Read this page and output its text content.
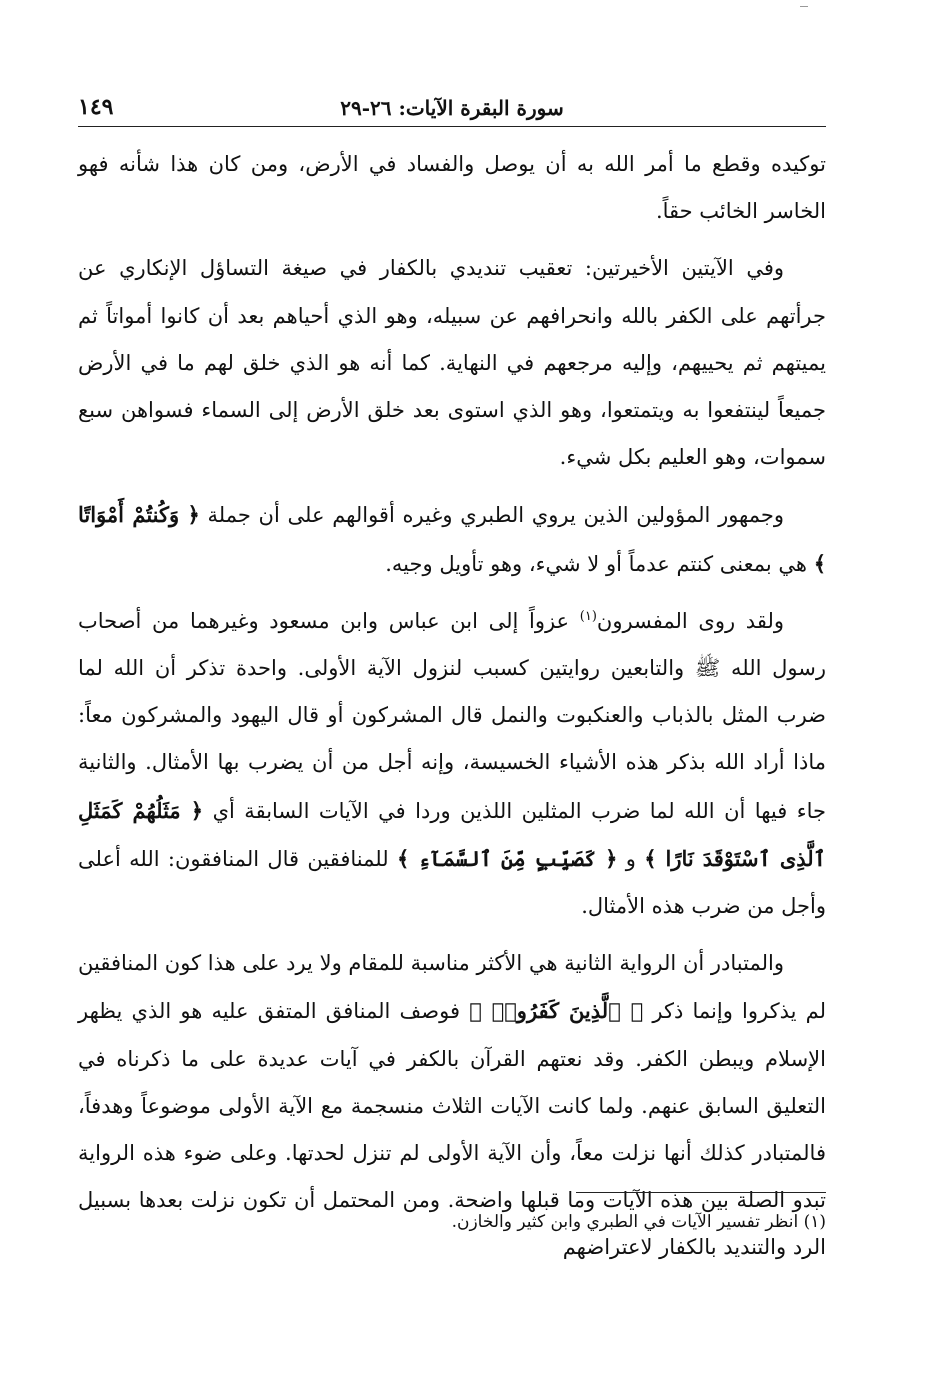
سورة البقرة الآيات: ٢٦-٢٩
١٤٩

توكيده وقطع ما أمر الله به أن يوصل والفساد في الأرض، ومن كان هذا شأنه فهو الخاسر الخائب حقاً.

وفي الآيتين الأخيرتين: تعقيب تنديدي بالكفار في صيغة التساؤل الإنكاري عن جرأتهم على الكفر بالله وانحرافهم عن سبيله، وهو الذي أحياهم بعد أن كانوا أمواتاً ثم يميتهم ثم يحييهم، وإليه مرجعهم في النهاية. كما أنه هو الذي خلق لهم ما في الأرض جميعاً لينتفعوا به ويتمتعوا، وهو الذي استوى بعد خلق الأرض إلى السماء فسواهن سبع سموات، وهو العليم بكل شيء.

وجمهور المؤولين الذين يروي الطبري وغيره أقوالهم على أن جملة ﴿ وَكُنتُمْ أَمْوَاتًا ﴾ هي بمعنى كنتم عدماً أو لا شيء، وهو تأويل وجيه.

ولقد روى المفسرون$^{(١)}$ عزواً إلى ابن عباس وابن مسعود وغيرهما من أصحاب رسول الله ﷺ والتابعين روايتين كسبب لنزول الآية الأولى. واحدة تذكر أن الله لما ضرب المثل بالذباب والعنكبوت والنمل قال المشركون أو قال اليهود والمشركون معاً: ماذا أراد الله بذكر هذه الأشياء الخسيسة، وإنه أجل من أن يضرب بها الأمثال. والثانية جاء فيها أن الله لما ضرب المثلين اللذين وردا في الآيات السابقة أي ﴿ مَثَلُهُمْ كَمَثَلِ ٱلَّذِى ٱسْتَوْقَدَ نَارًا ﴾ و ﴿ كَصَيِّبٍ مِّنَ ٱلسَّمَآءِ ﴾ للمنافقين قال المنافقون: الله أعلى وأجل من ضرب هذه الأمثال.

والمتبادر أن الرواية الثانية هي الأكثر مناسبة للمقام ولا يرد على هذا كون المنافقين لم يذكروا وإنما ذكر ﴿ ٱلَّذِينَ كَفَرُوا۟ ﴾ فوصف المنافق المتفق عليه هو الذي يظهر الإسلام ويبطن الكفر. وقد نعتهم القرآن بالكفر في آيات عديدة على ما ذكرناه في التعليق السابق عنهم. ولما كانت الآيات الثلاث منسجمة مع الآية الأولى موضوعاً وهدفاً، فالمتبادر كذلك أنها نزلت معاً، وأن الآية الأولى لم تنزل لحدتها. وعلى ضوء هذه الرواية تبدو الصلة بين هذه الآيات وما قبلها واضحة. ومن المحتمل أن تكون نزلت بعدها بسبيل الرد والتنديد بالكفار لاعتراضهم

(١) انظر تفسير الآيات في الطبري وابن كثير والخازن.
